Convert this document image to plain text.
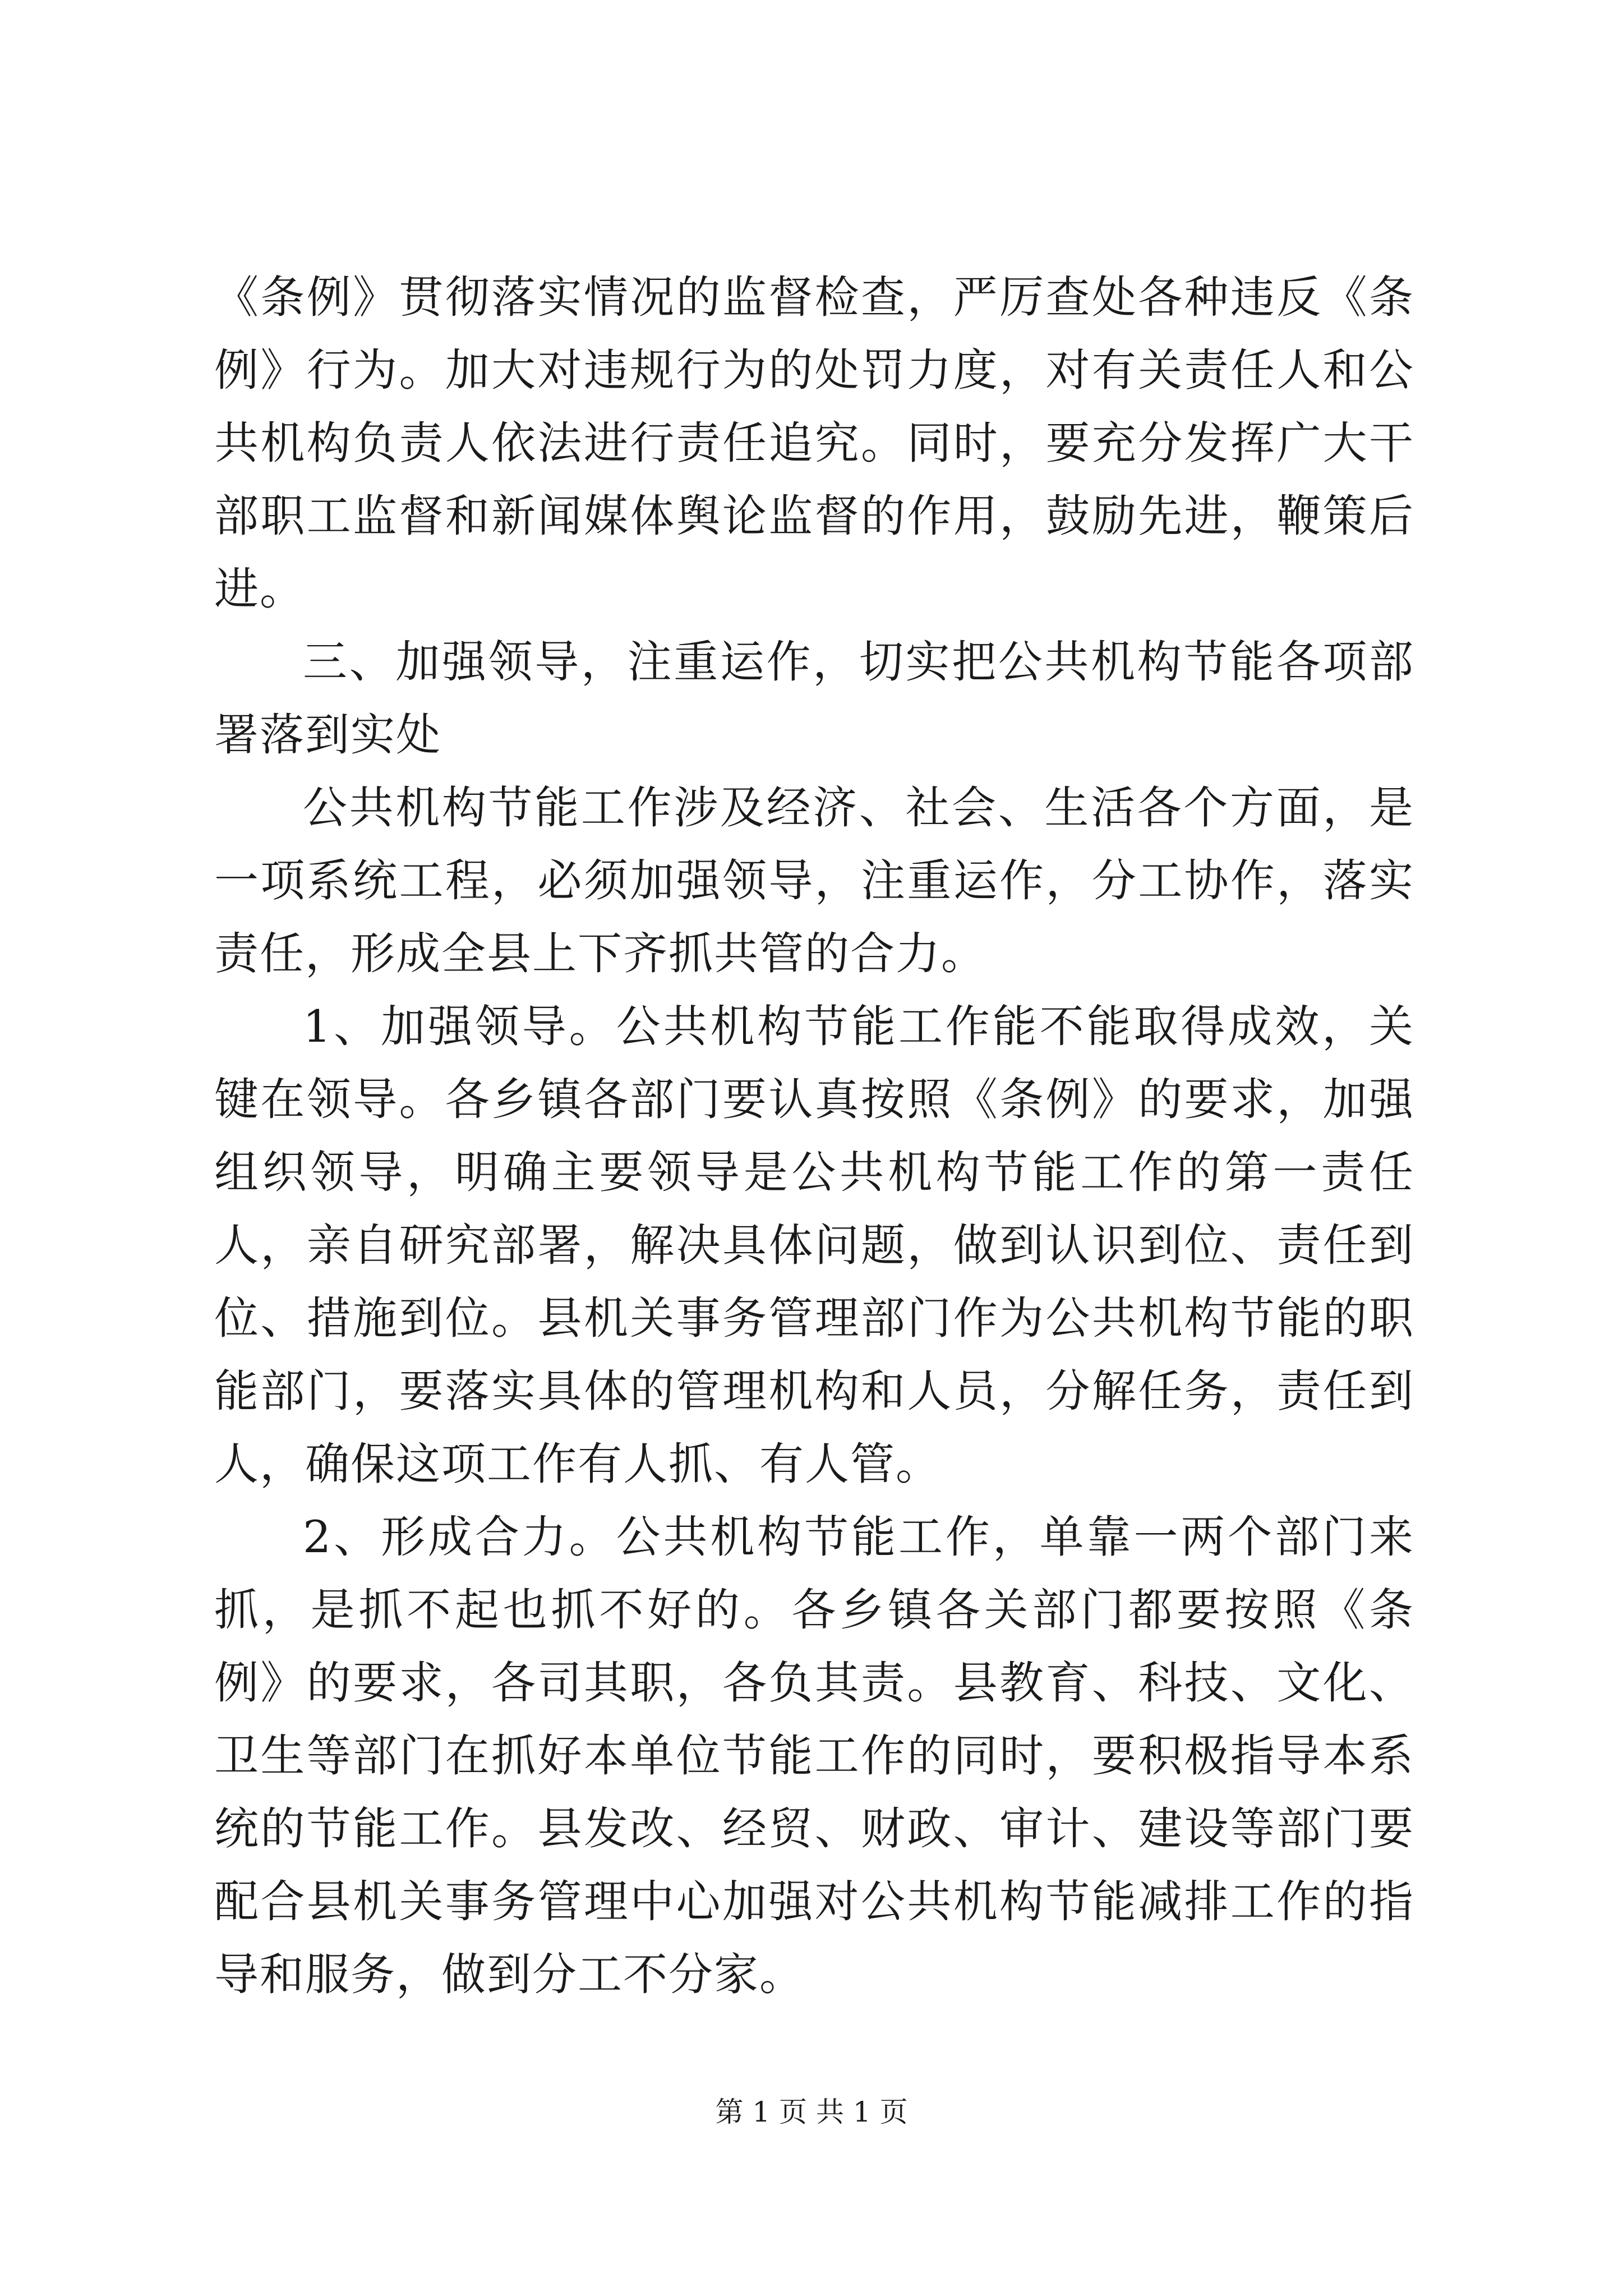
《条例》贯彻落实情况的监督检查，严厉查处各种违反《条例》行为。加大对违规行为的处罚力度，对有关责任人和公共机构负责人依法进行责任追究。同时，要充分发挥广大干部职工监督和新闻媒体舆论监督的作用，鼓励先进，鞭策后进。

三、加强领导，注重运作，切实把公共机构节能各项部署落到实处

公共机构节能工作涉及经济、社会、生活各个方面，是一项系统工程，必须加强领导，注重运作，分工协作，落实责任，形成全县上下齐抓共管的合力。

1、加强领导。公共机构节能工作能不能取得成效，关键在领导。各乡镇各部门要认真按照《条例》的要求，加强组织领导，明确主要领导是公共机构节能工作的第一责任人，亲自研究部署，解决具体问题，做到认识到位、责任到位、措施到位。县机关事务管理部门作为公共机构节能的职能部门，要落实具体的管理机构和人员，分解任务，责任到人，确保这项工作有人抓、有人管。

2、形成合力。公共机构节能工作，单靠一两个部门来抓，是抓不起也抓不好的。各乡镇各关部门都要按照《条例》的要求，各司其职，各负其责。县教育、科技、文化、卫生等部门在抓好本单位节能工作的同时，要积极指导本系统的节能工作。县发改、经贸、财政、审计、建设等部门要配合县机关事务管理中心加强对公共机构节能减排工作的指导和服务，做到分工不分家。

第 1 页 共 1 页
